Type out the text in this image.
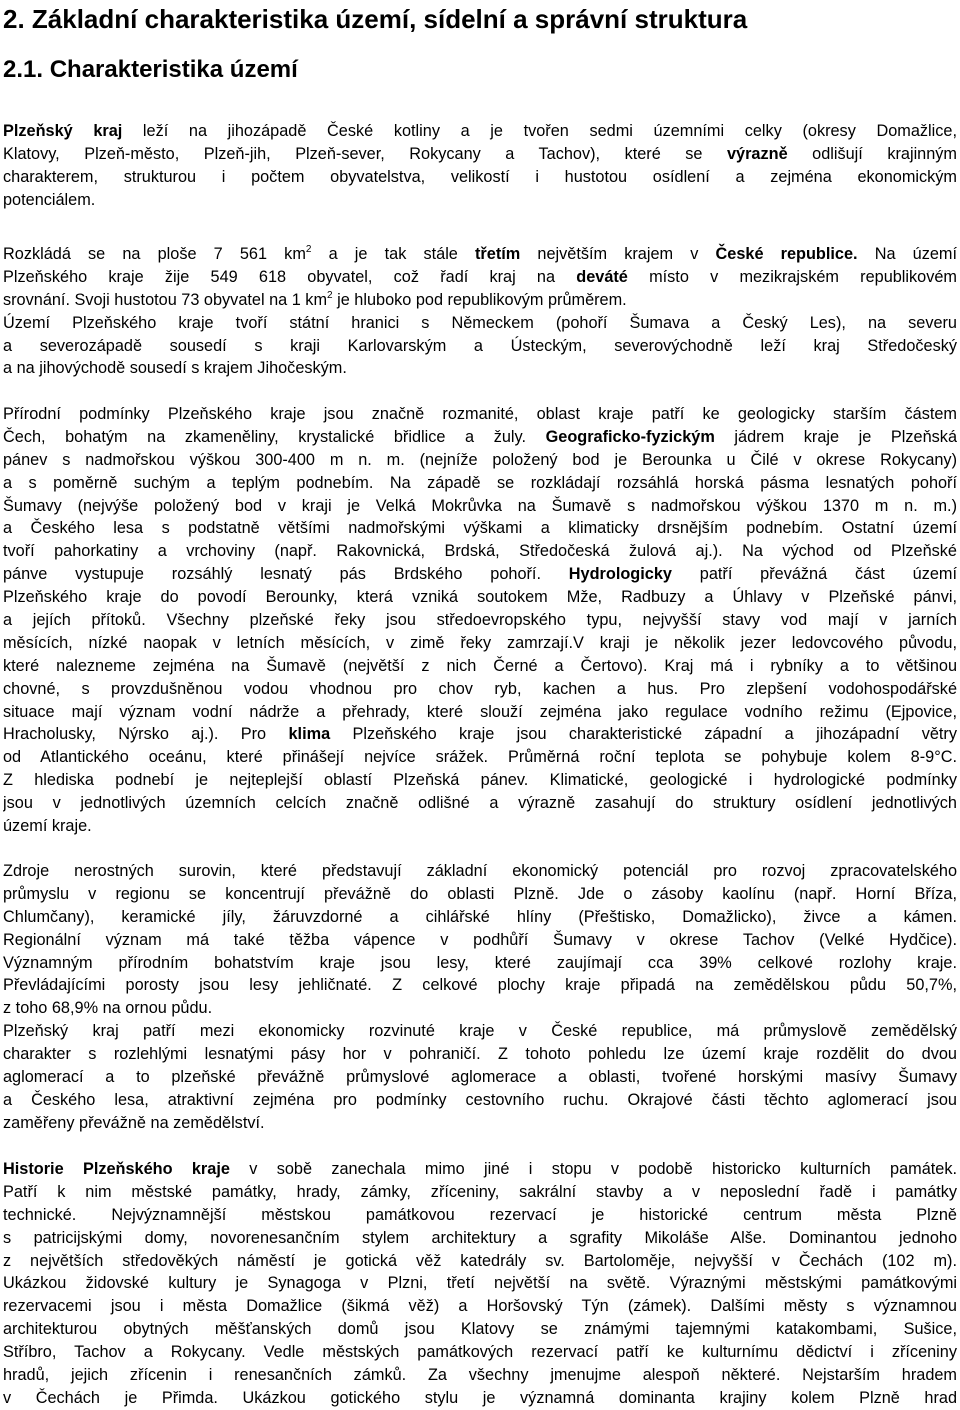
2. Základní charakteristika území, sídelní a správní struktura
2.1. Charakteristika území
Plzeňský kraj leží na jihozápadě České kotliny a je tvořen sedmi územními celky (okresy Domažlice,
Klatovy, Plzeň-město, Plzeň-jih, Plzeň-sever, Rokycany a Tachov), které se výrazně odlišují krajinným
charakterem, strukturou i počtem obyvatelstva, velikostí i hustotou osídlení a zejména ekonomickým
potenciálem.
Rozkládá se na ploše 7 561 $km^2$ a je tak stále třetím největším krajem v České republice. Na území
Plzeňského kraje žije 549 618 obyvatel, což řadí kraj na deváté místo v mezikrajském republikovém
srovnání. Svoji hustotou 73 obyvatel na 1 $km^2$ je hluboko pod republikovým průměrem.
Území Plzeňského kraje tvoří státní hranici s Německem (pohoří Šumava a Český Les), na severu
a severozápadě sousedí s kraji Karlovarským a Ústeckým, severovýchodně leží kraj Středočeský
a na jihovýchodě sousedí s krajem Jihočeským.
Přírodní podmínky Plzeňského kraje jsou značně rozmanité, oblast kraje patří ke geologicky starším částem
Čech, bohatým na zkameněliny, krystalické břidlice a žuly. Geograficko-fyzickým jádrem kraje je Plzeňská
pánev s nadmořskou výškou 300-400 m n. m. (nejníže položený bod je Berounka u Čilé v okrese Rokycany)
a s poměrně suchým a teplým podnebím. Na západě se rozkládají rozsáhlá horská pásma lesnatých pohoří
Šumavy (nejvýše položený bod v kraji je Velká Mokrůvka na Šumavě s nadmořskou výškou 1370 m n. m.)
a Českého lesa s podstatně většími nadmořskými výškami a klimaticky drsnějším podnebím. Ostatní území
tvoří pahorkatiny a vrchoviny (např. Rakovnická, Brdská, Středočeská žulová aj.). Na východ od Plzeňské
pánve vystupuje rozsáhlý lesnatý pás Brdského pohoří. Hydrologicky patří převážná část území
Plzeňského kraje do povodí Berounky, která vzniká soutokem Mže, Radbuzy a Úhlavy v Plzeňské pánvi,
a jejích přítoků. Všechny plzeňské řeky jsou středoevropského typu, nejvyšší stavy vod mají v jarních
měsících, nízké naopak v letních měsících, v zimě řeky zamrzají.V kraji je několik jezer ledovcového původu,
které nalezneme zejména na Šumavě (největší z nich Černé a Čertovo). Kraj má i rybníky a to většinou
chovné, s provzdušněnou vodou vhodnou pro chov ryb, kachen a hus. Pro zlepšení vodohospodářské
situace mají význam vodní nádrže a přehrady, které slouží zejména jako regulace vodního režimu (Ejpovice,
Hracholusky, Nýrsko aj.). Pro klima Plzeňského kraje jsou charakteristické západní a jihozápadní větry
od Atlantického oceánu, které přinášejí nejvíce srážek. Průměrná roční teplota se pohybuje kolem 8-9°C.
Z hlediska podnebí je nejteplejší oblastí Plzeňská pánev. Klimatické, geologické i hydrologické podmínky
jsou v jednotlivých územních celcích značně odlišné a výrazně zasahují do struktury osídlení jednotlivých
území kraje.
Zdroje nerostných surovin, které představují základní ekonomický potenciál pro rozvoj zpracovatelského
průmyslu v regionu se koncentrují převážně do oblasti Plzně. Jde o zásoby kaolínu (např. Horní Bříza,
Chlumčany), keramické jíly, žáruvzdorné a cihlářské hlíny (Přeštisko, Domažlicko), živce a kámen.
Regionální význam má také těžba vápence v podhůří Šumavy v okrese Tachov (Velké Hydčice).
Významným přírodním bohatstvím kraje jsou lesy, které zaujímají cca 39% celkové rozlohy kraje.
Převládajícími porosty jsou lesy jehličnaté. Z celkové plochy kraje připadá na zemědělskou půdu 50,7%,
z toho 68,9% na ornou půdu.
Plzeňský kraj patří mezi ekonomicky rozvinuté kraje v České republice, má průmyslově zemědělský
charakter s rozlehlými lesnatými pásy hor v pohraničí. Z tohoto pohledu lze území kraje rozdělit do dvou
aglomerací a to plzeňské převážně průmyslové aglomerace a oblasti, tvořené horskými masívy Šumavy
a Českého lesa, atraktivní zejména pro podmínky cestovního ruchu. Okrajové části těchto aglomerací jsou
zaměřeny převážně na zemědělství.
Historie Plzeňského kraje v sobě zanechala mimo jiné i stopu v podobě historicko kulturních památek.
Patří k nim městské památky, hrady, zámky, zříceniny, sakrální stavby a v neposlední řadě i památky
technické. Nejvýznamnější městskou památkovou rezervací je historické centrum města Plzně
s patricijskými domy, novorenesančním stylem architektury a sgrafity Mikoláše Alše. Dominantou jednoho
z největších středověkých náměstí je gotická věž katedrály sv. Bartoloměje, nejvyšší v Čechách (102 m).
Ukázkou židovské kultury je Synagoga v Plzni, třetí největší na světě. Výraznými městskými památkovými
rezervacemi jsou i města Domažlice (šikmá věž) a Horšovský Týn (zámek). Dalšími městy s významnou
architekturou obytných měšťanských domů jsou Klatovy se známými tajemnými katakombami, Sušice,
Stříbro, Tachov a Rokycany. Vedle městských památkových rezervací patří ke kulturnímu dědictví i zříceniny
hradů, jejich zřícenin i renesančních zámků. Za všechny jmenujme alespoň některé. Nejstarším hradem
v Čechách je Přimda. Ukázkou gotického stylu je významná dominanta krajiny kolem Plzně hrad
